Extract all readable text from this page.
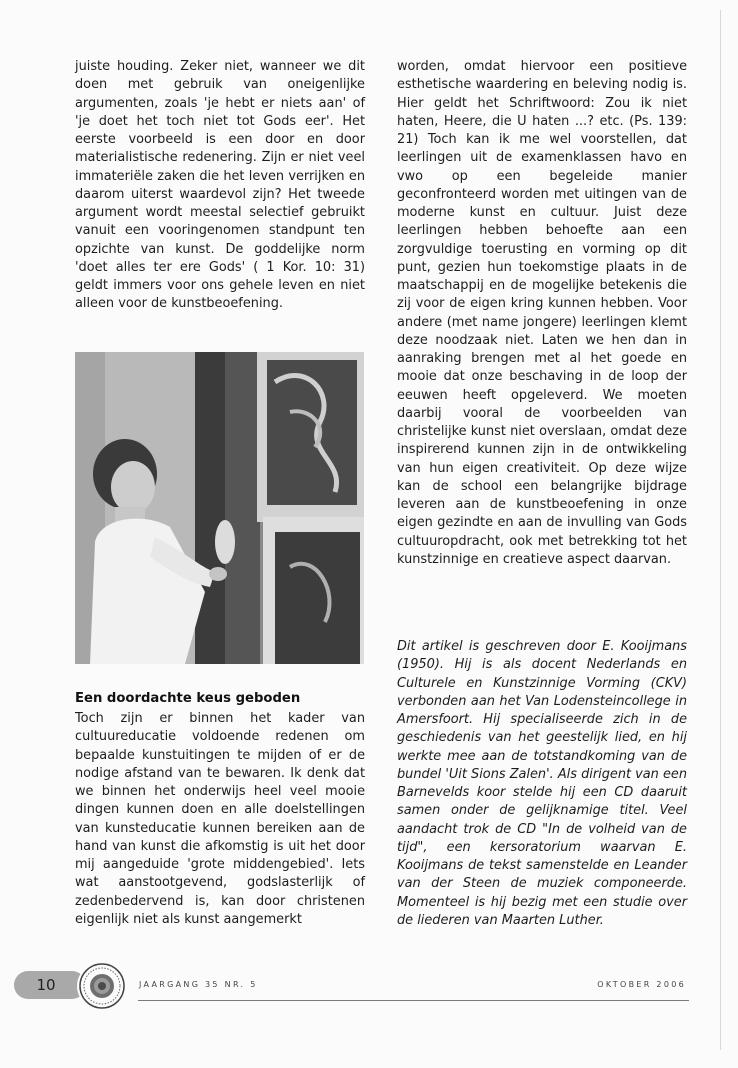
juiste houding. Zeker niet, wanneer we dit doen met gebruik van oneigenlijke argumenten, zoals 'je hebt er niets aan' of 'je doet het toch niet tot Gods eer'. Het eerste voorbeeld is een door en door materialistische redenering. Zijn er niet veel immateriële zaken die het leven verrijken en daarom uiterst waardevol zijn? Het tweede argument wordt meestal selectief gebruikt vanuit een vooringenomen standpunt ten opzichte van kunst. De goddelijke norm 'doet alles ter ere Gods' ( 1 Kor. 10: 31) geldt immers voor ons gehele leven en niet alleen voor de kunstbeoefening.

Een doordachte keus geboden

Toch zijn er binnen het kader van cultuureducatie voldoende redenen om bepaalde kunstuitingen te mijden of er de nodige afstand van te bewaren. Ik denk dat we binnen het onderwijs heel veel mooie dingen kunnen doen en alle doelstellingen van kunsteducatie kunnen bereiken aan de hand van kunst die afkomstig is uit het door mij aangeduide 'grote middengebied'. Iets wat aanstootgevend, godslasterlijk of zedenbedervend is, kan door christenen eigenlijk niet als kunst aangemerkt

worden, omdat hiervoor een positieve esthetische waardering en beleving nodig is. Hier geldt het Schriftwoord: Zou ik niet haten, Heere, die U haten ...? etc. (Ps. 139: 21) Toch kan ik me wel voorstellen, dat leerlingen uit de examenklassen havo en vwo op een begeleide manier geconfronteerd worden met uitingen van de moderne kunst en cultuur. Juist deze leerlingen hebben behoefte aan een zorgvuldige toerusting en vorming op dit punt, gezien hun toekomstige plaats in de maatschappij en de mogelijke betekenis die zij voor de eigen kring kunnen hebben. Voor andere (met name jongere) leerlingen klemt deze noodzaak niet. Laten we hen dan in aanraking brengen met al het goede en mooie dat onze beschaving in de loop der eeuwen heeft opgeleverd. We moeten daarbij vooral de voorbeelden van christelijke kunst niet overslaan, omdat deze inspirerend kunnen zijn in de ontwikkeling van hun eigen creativiteit. Op deze wijze kan de school een belangrijke bijdrage leveren aan de kunstbeoefening in onze eigen gezindte en aan de invulling van Gods cultuuropdracht, ook met betrekking tot het kunstzinnige en creatieve aspect daarvan.

Dit artikel is geschreven door E. Kooijmans (1950). Hij is als docent Nederlands en Culturele en Kunstzinnige Vorming (CKV) verbonden aan het Van Lodensteincollege in Amersfoort. Hij specialiseerde zich in de geschiedenis van het geestelijk lied, en hij werkte mee aan de totstandkoming van de bundel 'Uit Sions Zalen'. Als dirigent van een Barnevelds koor stelde hij een CD daaruit samen onder de gelijknamige titel. Veel aandacht trok de CD "In de volheid van de tijd", een kersoratorium waarvan E. Kooijmans de tekst samenstelde en Leander van der Steen de muziek componeerde. Momenteel is hij bezig met een studie over de liederen van Maarten Luther.

10	JAARGANG 35 NR. 5	OKTOBER 2006
